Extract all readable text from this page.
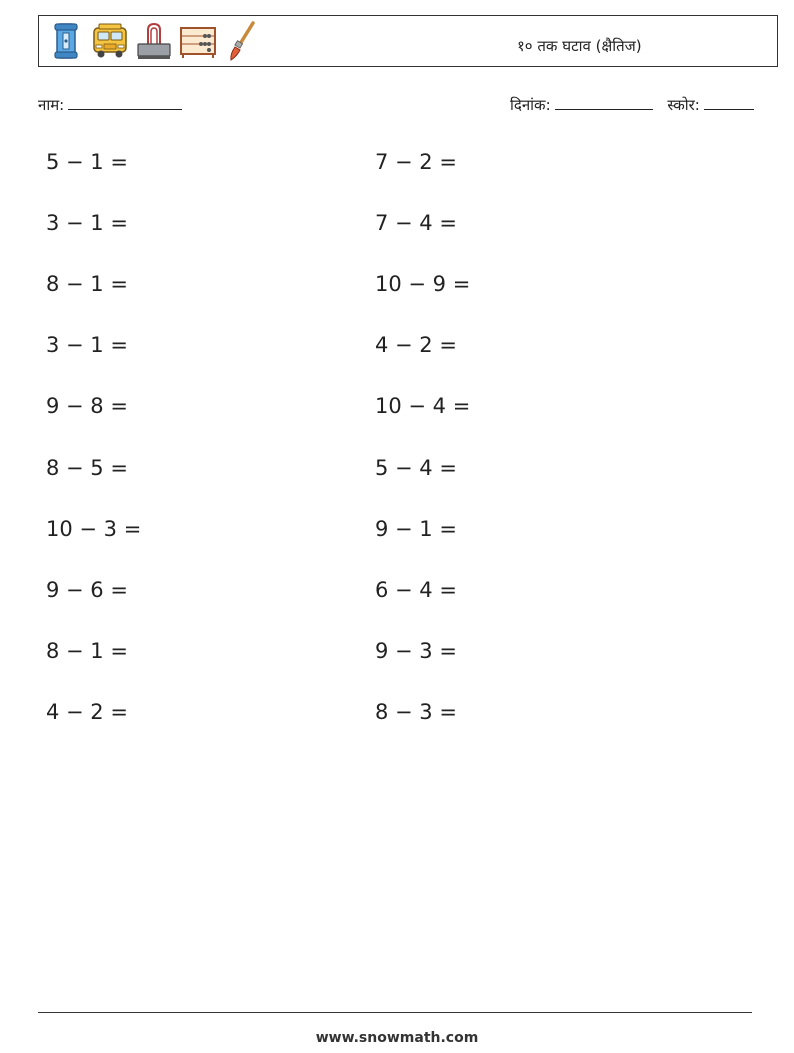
१० तक घटाव (क्षैतिज)
नाम:	दिनांक:	स्कोर:
5 − 1 =
3 − 1 =
8 − 1 =
3 − 1 =
9 − 8 =
8 − 5 =
10 − 3 =
9 − 6 =
8 − 1 =
4 − 2 =
7 − 2 =
7 − 4 =
10 − 9 =
4 − 2 =
10 − 4 =
5 − 4 =
9 − 1 =
6 − 4 =
9 − 3 =
8 − 3 =
www.snowmath.com
